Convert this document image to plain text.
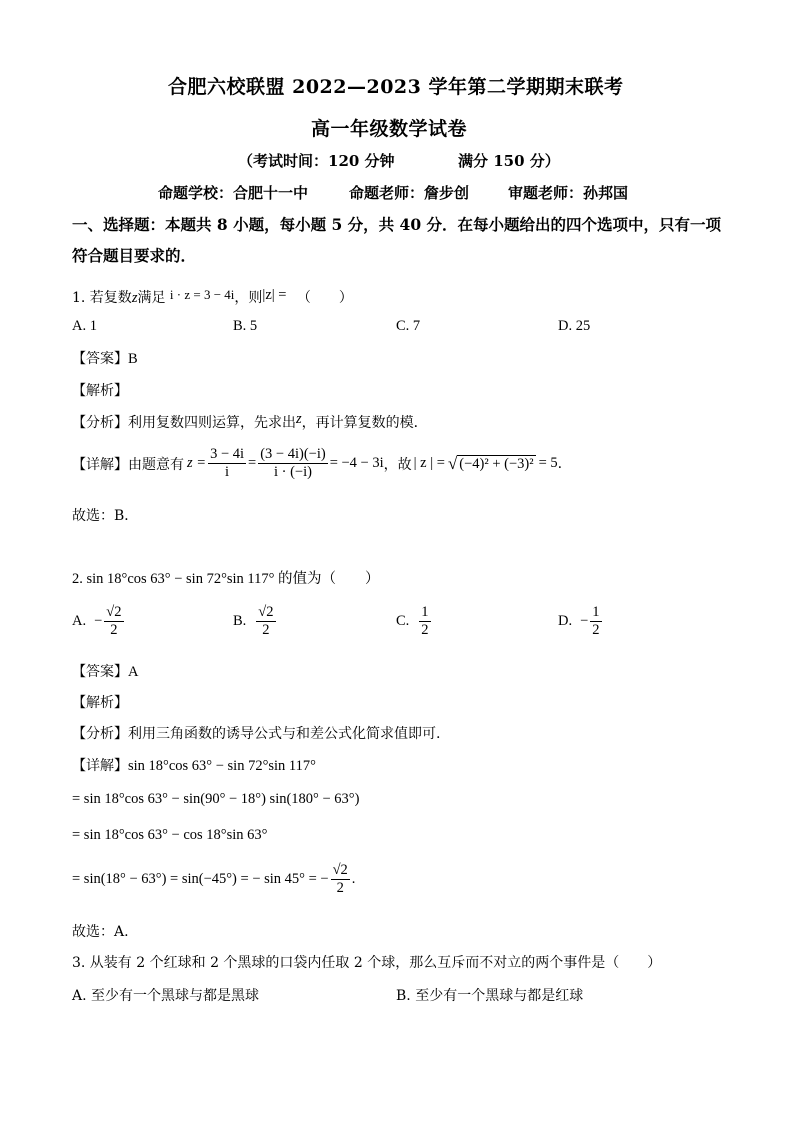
合肥六校联盟 2022—2023 学年第二学期期末联考
高一年级数学试卷
（考试时间：120 分钟	满分 150 分）
命题学校：合肥十一中	命题老师：詹步创	审题老师：孙邦国
一、选择题：本题共 8 小题，每小题 5 分，共 40 分．在每小题给出的四个选项中，只有一项
符合题目要求的．
1. 若复数z满足 i · z = 3 − 4i，则|z| = （　　）
A. 1	B. 5	C. 7	D. 25
【答案】B
【解析】
【分析】利用复数四则运算，先求出z，再计算复数的模．
【详解】 由题意有 $z = \frac{3 - 4i}{i} = \frac{(3 - 4i)(-i)}{i \cdot (-i)} = -4 - 3i$ ，故 | z | = √ (−4)² + (−3)² = 5 .
故选：B．
2. sin 18°cos 63° − sin 72°sin 117° 的值为（　　）
A. − $\frac{√2}{2}$	B. $\frac{√2}{2}$	C. $\frac{1}{2}$	D. − $\frac{1}{2}$
【答案】A
【解析】
【分析】利用三角函数的诱导公式与和差公式化简求值即可.
【详解】sin 18°cos 63° − sin 72°sin 117°
= sin 18°cos 63° − sin(90° − 18°) sin(180° − 63°)
= sin 18°cos 63° − cos 18°sin 63°
= sin(18° − 63°) = sin(−45°) = − sin 45° = − $\frac{√2}{2}$ .
故选：A.
3. 从装有 2 个红球和 2 个黑球的口袋内任取 2 个球，那么互斥而不对立的两个事件是（　　）
A. 至少有一个黑球与都是黑球	B. 至少有一个黑球与都是红球
